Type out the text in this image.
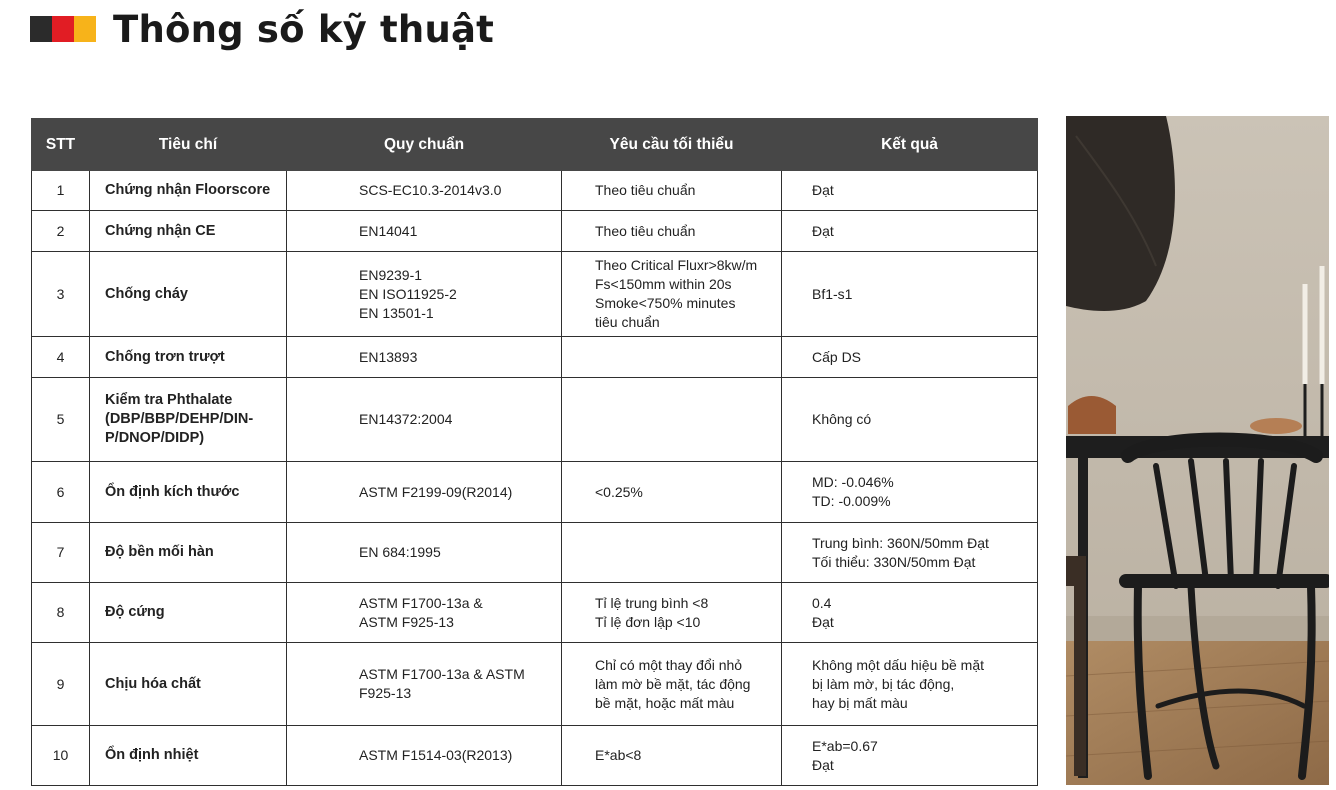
Thông số kỹ thuật
STT	Tiêu chí	Quy chuẩn	Yêu cầu tối thiểu	Kết quả
1	Chứng nhận Floorscore	SCS-EC10.3-2014v3.0	Theo tiêu chuẩn	Đạt
2	Chứng nhận CE	EN14041	Theo tiêu chuẩn	Đạt
3	Chống cháy	EN9239-1
EN ISO11925-2
EN 13501-1	Theo Critical Fluxr>8kw/m
Fs<150mm within 20s
Smoke<750% minutes
tiêu chuẩn	Bf1-s1
4	Chống trơn trượt	EN13893		Cấp DS
5	Kiểm tra Phthalate
(DBP/BBP/DEHP/DIN-
P/DNOP/DIDP)	EN14372:2004		Không có
6	Ổn định kích thước	ASTM F2199-09(R2014)	<0.25%	MD: -0.046%
TD: -0.009%
7	Độ bền mối hàn	EN 684:1995		Trung bình: 360N/50mm Đạt
Tối thiểu: 330N/50mm Đạt
8	Độ cứng	ASTM F1700-13a &
ASTM F925-13	Tỉ lệ trung bình <8
Tỉ lệ đơn lập <10	0.4
Đạt
9	Chịu hóa chất	ASTM F1700-13a & ASTM
F925-13	Chỉ có một thay đổi nhỏ
làm mờ bề mặt, tác động
bề mặt, hoặc mất màu	Không một dấu hiệu bề mặt
bị làm mờ, bị tác động,
hay bị mất màu
10	Ổn định nhiệt	ASTM F1514-03(R2013)	E*ab<8	E*ab=0.67
Đạt
